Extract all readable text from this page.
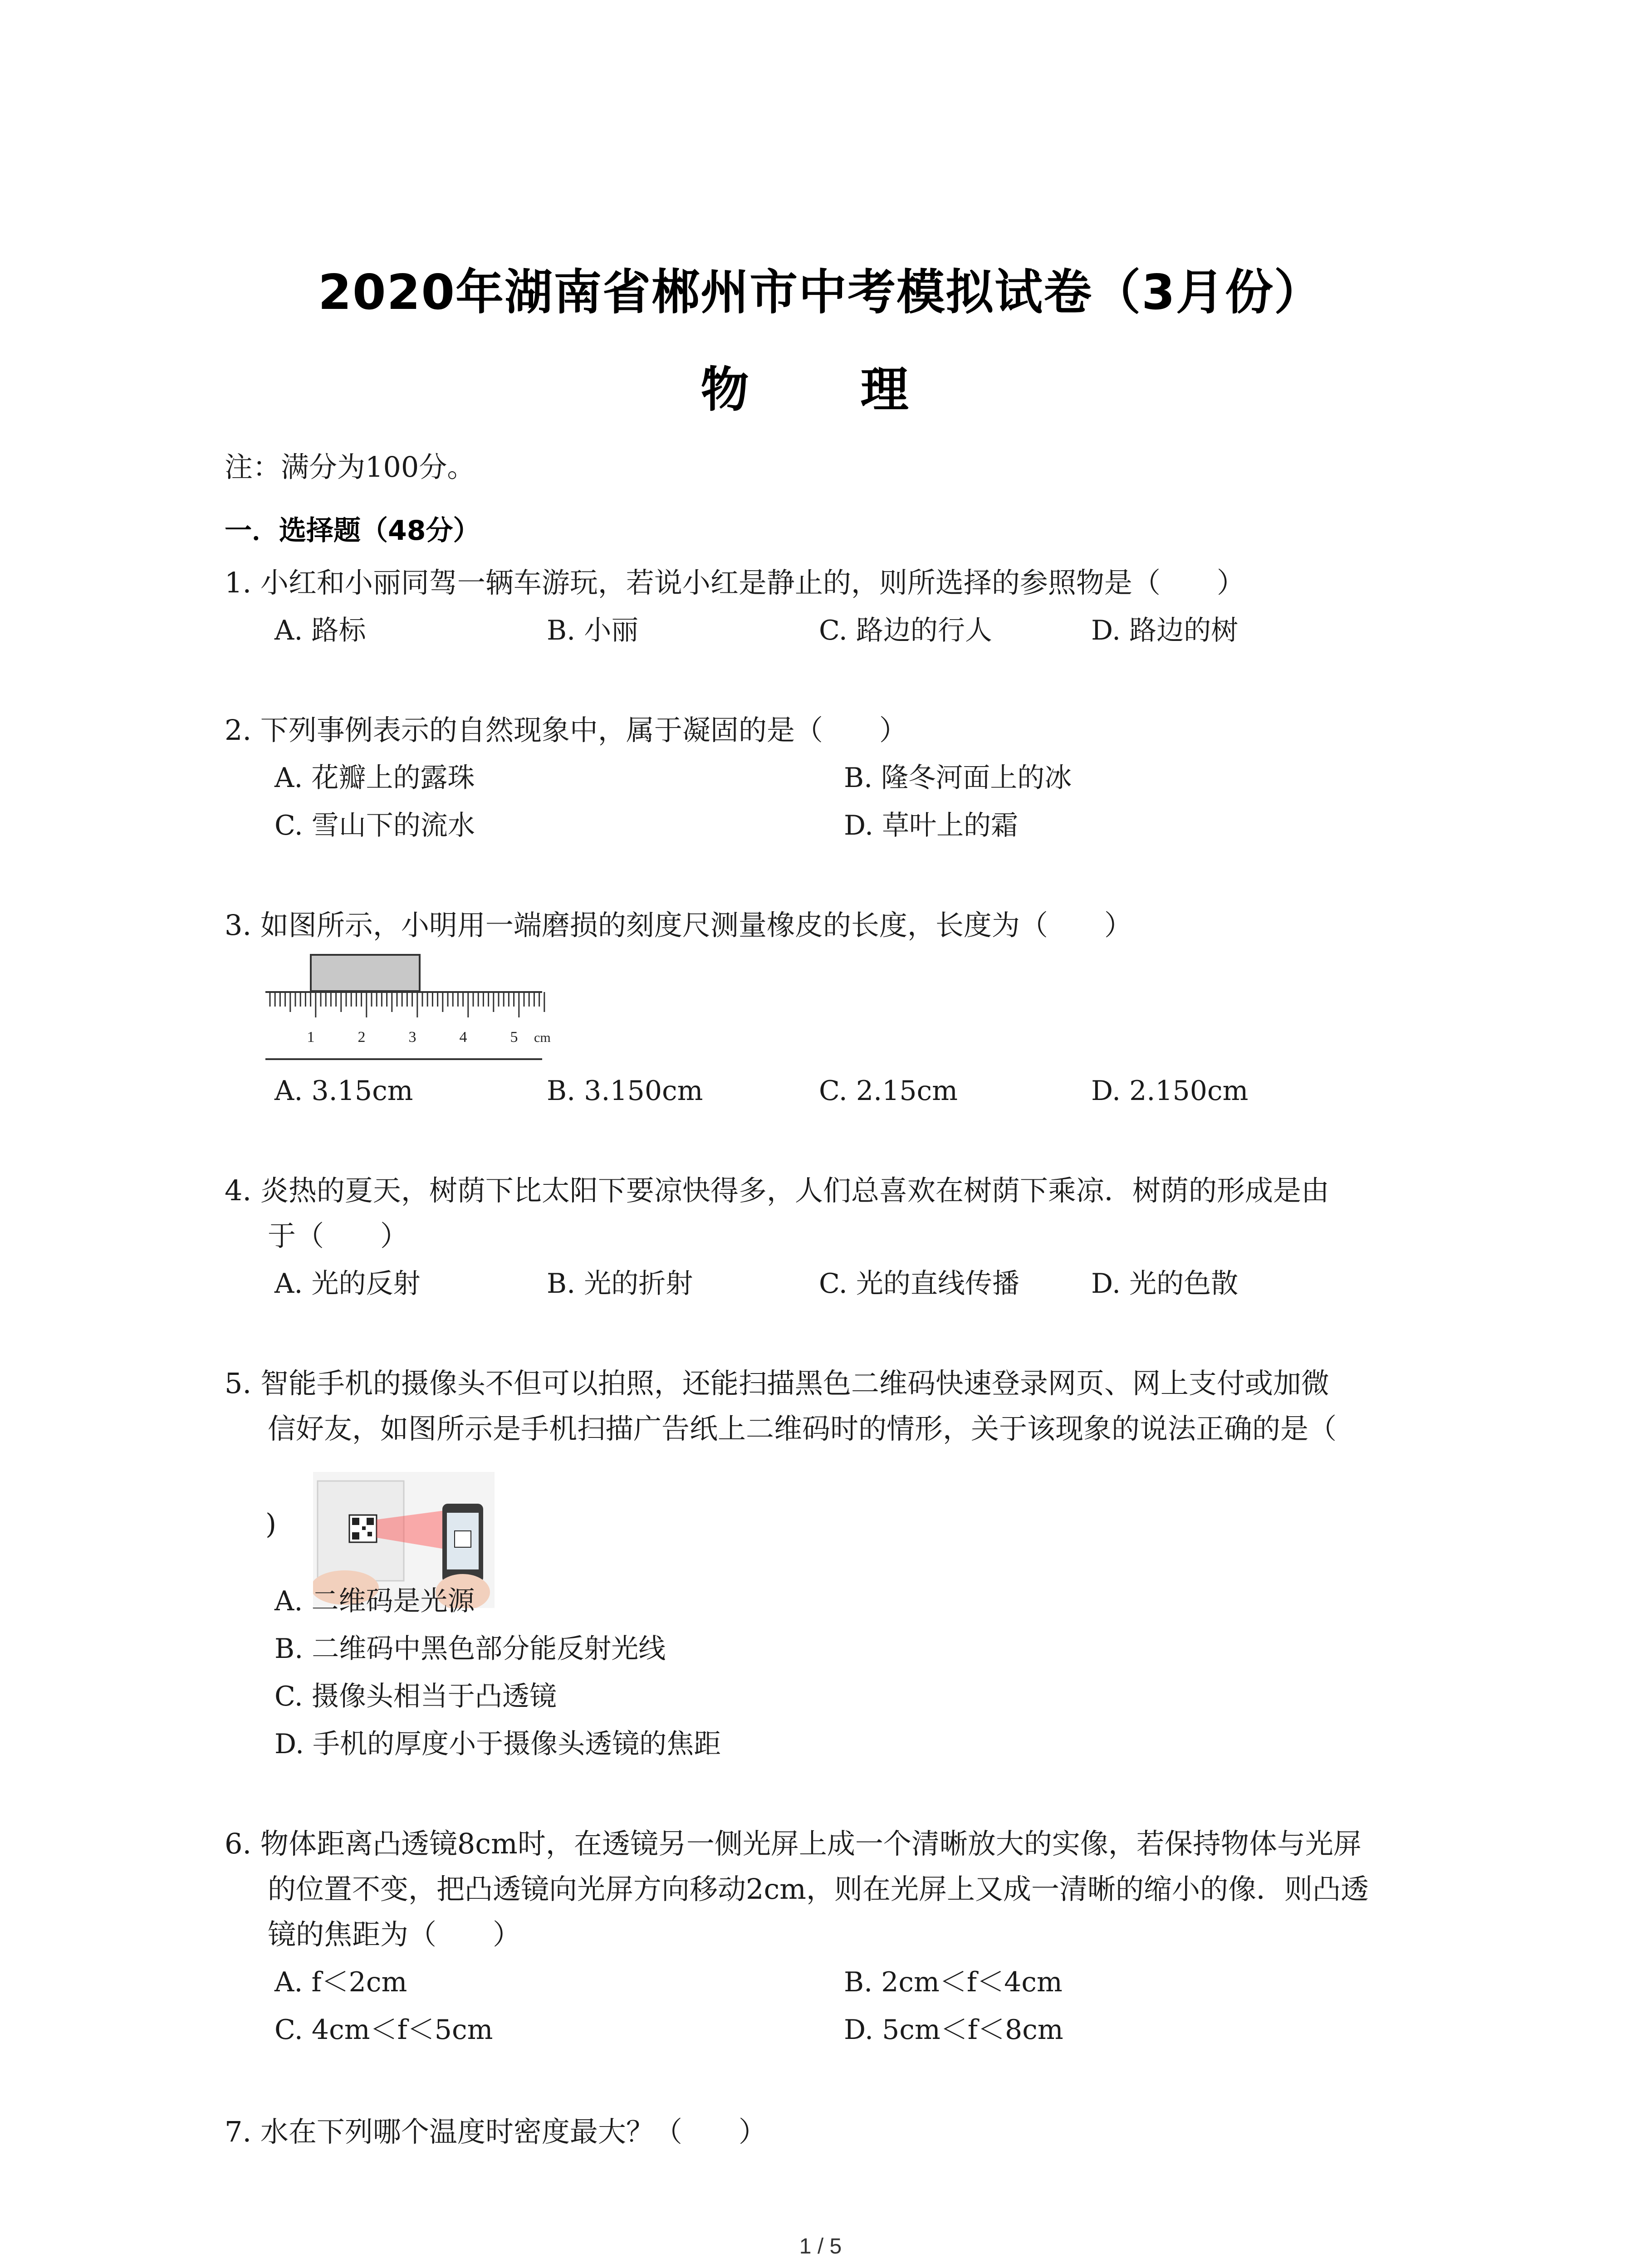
2020年湖南省郴州市中考模拟试卷（3月份）
物　理
注：满分为100分。
一．选择题（48分）
1. 小红和小丽同驾一辆车游玩，若说小红是静止的，则所选择的参照物是（　　）
A. 路标	B. 小丽	C. 路边的行人	D. 路边的树
2. 下列事例表示的自然现象中，属于凝固的是（　　）
A. 花瓣上的露珠	B. 隆冬河面上的冰
C. 雪山下的流水	D. 草叶上的霜
3. 如图所示，小明用一端磨损的刻度尺测量橡皮的长度，长度为（　　）
1	2	3	4	5 cm
A. 3.15cm	B. 3.150cm	C. 2.15cm	D. 2.150cm
4. 炎热的夏天，树荫下比太阳下要凉快得多，人们总喜欢在树荫下乘凉．树荫的形成是由
于（　　）
A. 光的反射	B. 光的折射	C. 光的直线传播	D. 光的色散
5. 智能手机的摄像头不但可以拍照，还能扫描黑色二维码快速登录网页、网上支付或加微
信好友，如图所示是手机扫描广告纸上二维码时的情形，关于该现象的说法正确的是（
)
A. 二维码是光源
B. 二维码中黑色部分能反射光线
C. 摄像头相当于凸透镜
D. 手机的厚度小于摄像头透镜的焦距
6. 物体距离凸透镜8cm时，在透镜另一侧光屏上成一个清晰放大的实像，若保持物体与光屏
的位置不变，把凸透镜向光屏方向移动2cm，则在光屏上又成一清晰的缩小的像．则凸透
镜的焦距为（　　）
A. f＜2cm	B. 2cm＜f＜4cm
C. 4cm＜f＜5cm	D. 5cm＜f＜8cm
7. 水在下列哪个温度时密度最大？（　　）
1 / 5
